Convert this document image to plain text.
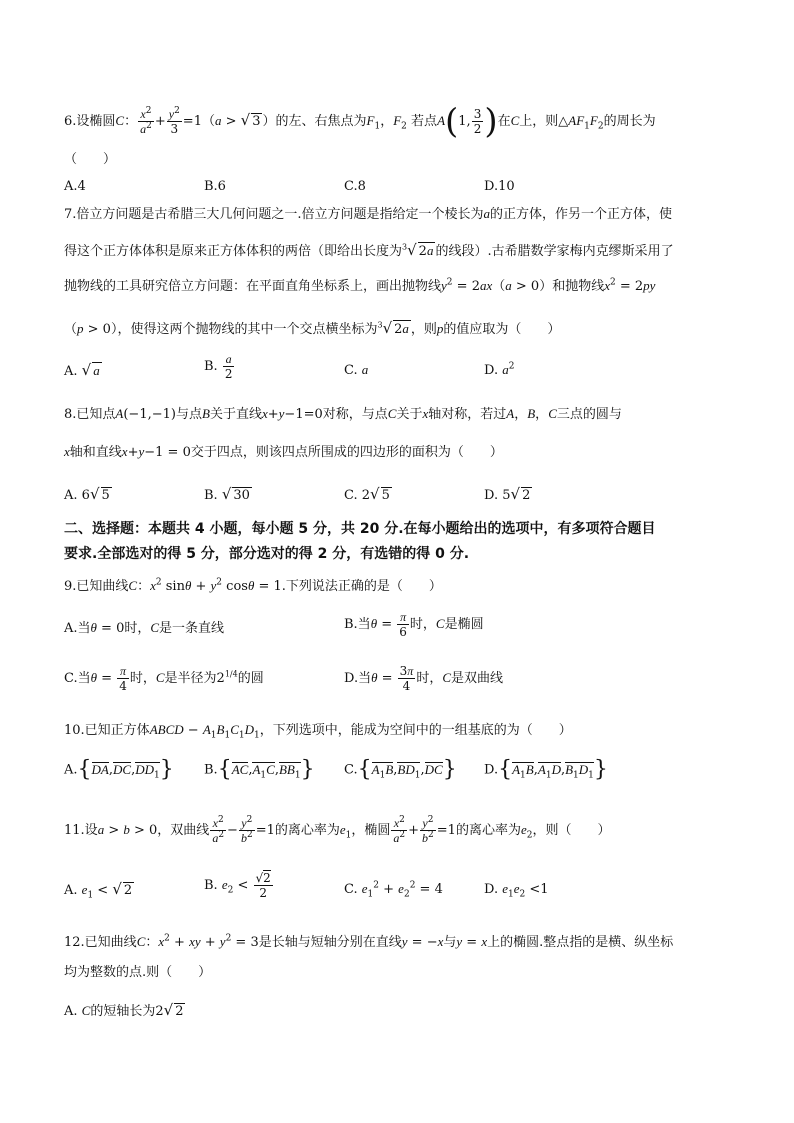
6.设椭圆C： $\frac{x^2}{a^2} + \frac{y^2}{3} =1(a$ > √ 3 ）的左、右焦点为$F_1$，$F_2$ 若点A(1, $\frac{3}{2}$ )在C上，则$\triangle AF_1F_2$的周长为
（　　）
A.4	B.6	C.8	D.10
7.倍立方问题是古希腊三大几何问题之一.倍立方问题是指给定一个棱长为a的正方体，作另一个正方体，使
得这个正方体体积是原来正方体体积的两倍（即给出长度为$^3$√ 2a 的线段）.古希腊数学家梅内克缪斯采用了
抛物线的工具研究倍立方问题：在平面直角坐标系上，画出抛物线$y^2 = 2ax(a > 0)$和抛物线$x^2 = 2py$
（p > 0），使得这两个抛物线的其中一个交点横坐标为$^3$√ 2a ，则p的值应取为（　　）
A. √ a	B. $\frac{a}{2}$	C. a	D. $a^2$
8.已知点A(−1,−1)与点B关于直线x+y−1=0对称，与点C关于x轴对称，若过A，B，C三点的圆与
x轴和直线x+y−1 = 0交于四点，则该四点所围成的四边形的面积为（　　）
A. 6√ 5	B. √ 30	C. 2√ 5	D. 5√ 2
二、选择题：本题共 4 小题，每小题 5 分，共 20 分.在每小题给出的选项中，有多项符合题目
要求.全部选对的得 5 分，部分选对的得 2 分，有选错的得 0 分.
9.已知曲线C：$x^2$ $\sin\theta + y^2$ cosθ = 1.下列说法正确的是（　　）
A.当θ = 0时，C是一条直线	B.当$\theta = \frac{\pi}{6}$ 时，C是椭圆
C.当$\theta = \frac{\pi}{4}$ 时，C是半径为$2^{1/4}$的圆	D.当$\theta = \frac{3\pi}{4}$ 时，C是双曲线
10.已知正方体ABCD − $A_1B_1C_1D_1$，下列选项中，能成为空间中的一组基底的为（　　）
$A.\{DA,DC,DD_1\}$ $B.\{AC,A_1C,BB_1\}$ $C.\{A_1B,BD_1,DC\}$ $D.\{A_1B,A_1D,B_1D_1\}$
11.设a > b > 0，双曲线 $\frac{x^2}{a^2} - \frac{y^2}{b^2} =1$的离心率为$e_1$，椭圆 $\frac{x^2}{a^2} + \frac{y^2}{b^2} =1$的离心率为$e_2$，则（　　）
A. $e_1$ < √ 2	B. $e_2 < \frac{√2}{2}$	C. $e_1^2 + e_2^2 = 4$	D. $e_1e_2 <1$
12.已知曲线C：$x^2$ + xy + $y^2 = 3$是长轴与短轴分别在直线y = −x与y = x上的椭圆.整点指的是横、纵坐标
均为整数的点.则（　　）
A. C的短轴长为2√ 2
